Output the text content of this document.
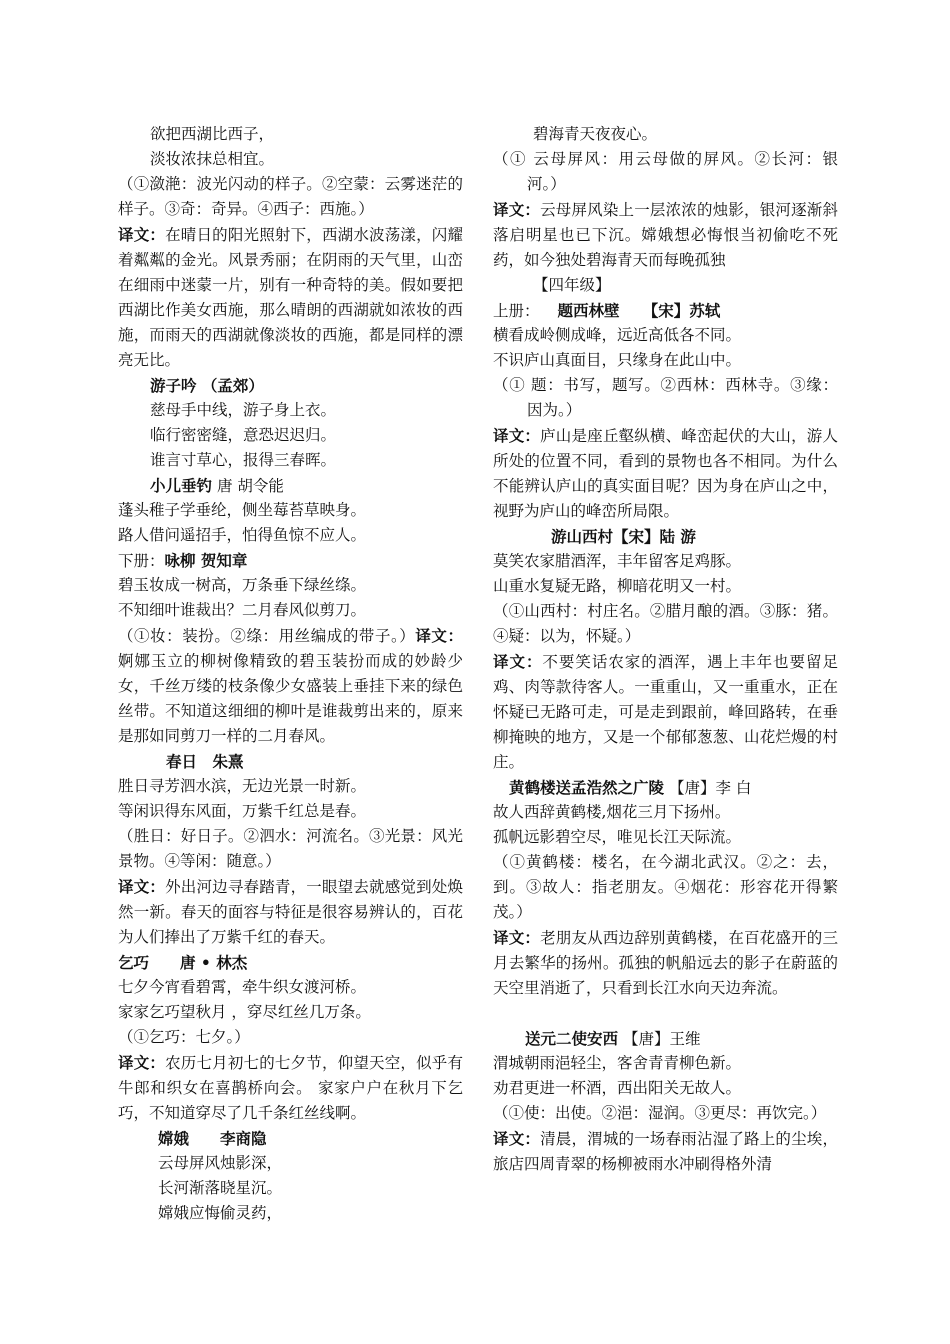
欲把西湖比西子，
淡妆浓抹总相宜。
（①潋滟：波光闪动的样子。②空蒙：云雾迷茫的样子。③奇：奇异。④西子：西施。）
译文：在晴日的阳光照射下，西湖水波荡漾，闪耀着粼粼的金光。风景秀丽；在阴雨的天气里，山峦在细雨中迷蒙一片，别有一种奇特的美。假如要把西湖比作美女西施，那么晴朗的西湖就如浓妆的西施，而雨天的西湖就像淡妆的西施，都是同样的漂亮无比。
游子吟 （孟郊）
慈母手中线，游子身上衣。
临行密密缝，意恐迟迟归。
谁言寸草心，报得三春晖。
小儿垂钓 唐 胡令能
蓬头稚子学垂纶，侧坐莓苔草映身。
路人借问遥招手，怕得鱼惊不应人。
下册：咏柳 贺知章
碧玉妆成一树高，万条垂下绿丝绦。
不知细叶谁裁出？二月春风似剪刀。
（①妆：装扮。②绦：用丝编成的带子。）译文：婀娜玉立的柳树像精致的碧玉装扮而成的妙龄少女，千丝万缕的枝条像少女盛装上垂挂下来的绿色丝带。不知道这细细的柳叶是谁裁剪出来的，原来是那如同剪刀一样的二月春风。
春日　朱熹
胜日寻芳泗水滨，无边光景一时新。
等闲识得东风面，万紫千红总是春。
（胜日：好日子。②泗水：河流名。③光景：风光景物。④等闲：随意。）
译文：外出河边寻春踏青，一眼望去就感觉到处焕然一新。春天的面容与特征是很容易辨认的，百花为人们捧出了万紫千红的春天。
乞巧　　唐 • 林杰
七夕今宵看碧霄，牵牛织女渡河桥。
家家乞巧望秋月 ，穿尽红丝几万条。
（①乞巧：七夕。）
译文：农历七月初七的七夕节，仰望天空，似乎有牛郎和织女在喜鹊桥向会。 家家户户在秋月下乞巧，不知道穿尽了几千条红丝线啊。
嫦娥　　李商隐
云母屏风烛影深，
长河渐落晓星沉。
嫦娥应悔偷灵药，
碧海青天夜夜心。
（① 云母屏风：用云母做的屏风。②长河：银河。）
译文：云母屏风染上一层浓浓的烛影，银河逐渐斜落启明星也已下沉。嫦娥想必悔恨当初偷吃不死药，如今独处碧海青天而每晚孤独
【四年级】
上册： 题西林壁　　【宋】苏轼
横看成岭侧成峰，远近高低各不同。
不识庐山真面目，只缘身在此山中。
（① 题：书写，题写。②西林：西林寺。③缘：因为。）
译文：庐山是座丘壑纵横、峰峦起伏的大山，游人所处的位置不同，看到的景物也各不相同。为什么不能辨认庐山的真实面目呢？因为身在庐山之中，视野为庐山的峰峦所局限。
游山西村【宋】陆 游
莫笑农家腊酒浑，丰年留客足鸡豚。
山重水复疑无路，柳暗花明又一村。
（①山西村：村庄名。②腊月酿的酒。③豚：猪。④疑：以为，怀疑。）
译文：不要笑话农家的酒浑，遇上丰年也要留足鸡、肉等款待客人。一重重山，又一重重水，正在怀疑已无路可走，可是走到跟前，峰回路转，在垂柳掩映的地方，又是一个郁郁葱葱、山花烂熳的村庄。
黄鹤楼送孟浩然之广陵 【唐】李 白
故人西辞黄鹤楼,烟花三月下扬州。
孤帆远影碧空尽，唯见长江天际流。
（①黄鹤楼：楼名，在今湖北武汉。②之：去，到。③故人：指老朋友。④烟花：形容花开得繁茂。）
译文：老朋友从西边辞别黄鹤楼，在百花盛开的三月去繁华的扬州。孤独的帆船远去的影子在蔚蓝的天空里消逝了，只看到长江水向天边奔流。
送元二使安西 【唐】王维
渭城朝雨浥轻尘，客舍青青柳色新。
劝君更进一杯酒，西出阳关无故人。
（①使：出使。②浥：湿润。③更尽：再饮完。）
译文：清晨，渭城的一场春雨沾湿了路上的尘埃，旅店四周青翠的杨柳被雨水冲刷得格外清
